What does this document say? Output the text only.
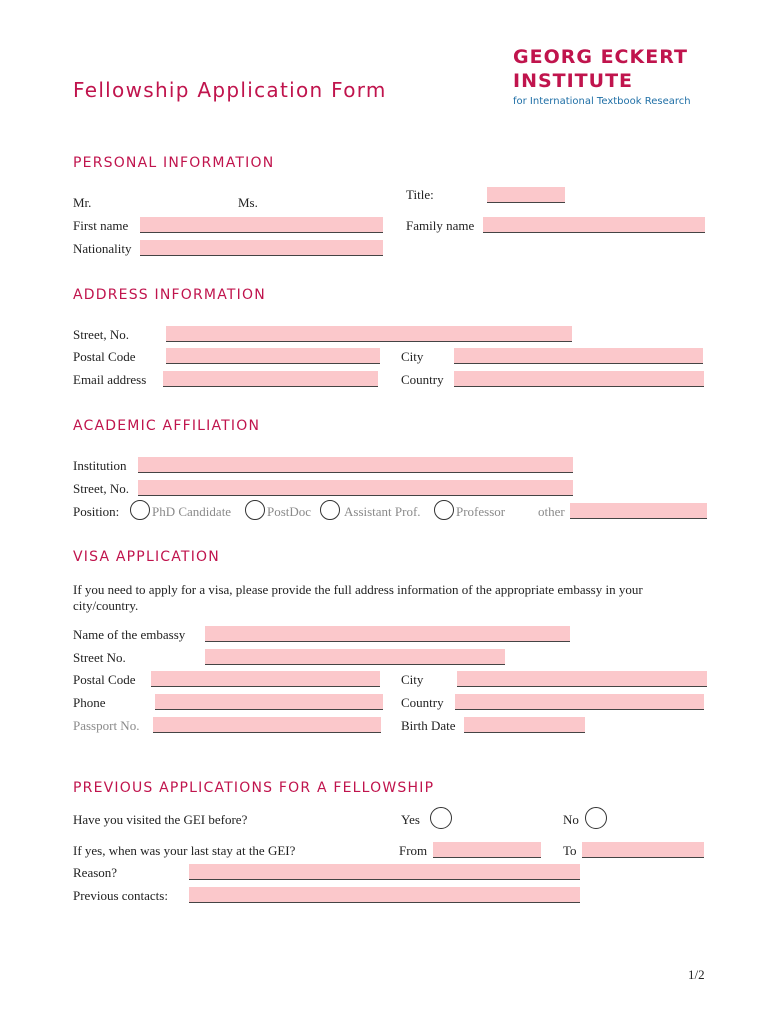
Fellowship Application Form
GEORG ECKERT
INSTITUTE
for International Textbook Research
PERSONAL INFORMATION
Mr.	Ms.
Title:
First name	Family name
Nationality
ADDRESS INFORMATION
Street, No.
Postal Code	City
Email address	Country
ACADEMIC AFFILIATION
Institution
Street, No.
Position:	PhD Candidate	PostDoc	Assistant Prof.	Professor	other
VISA APPLICATION
If you need to apply for a visa, please provide the full address information of the appropriate embassy in your
city/country.
Name of the embassy
Street No.
Postal Code	City
Phone	Country
Passport No.	Birth Date
PREVIOUS APPLICATIONS FOR A FELLOWSHIP
Have you visited the GEI before?	Yes	No
If yes, when was your last stay at the GEI?	From	To
Reason?
Previous contacts:
1/2
